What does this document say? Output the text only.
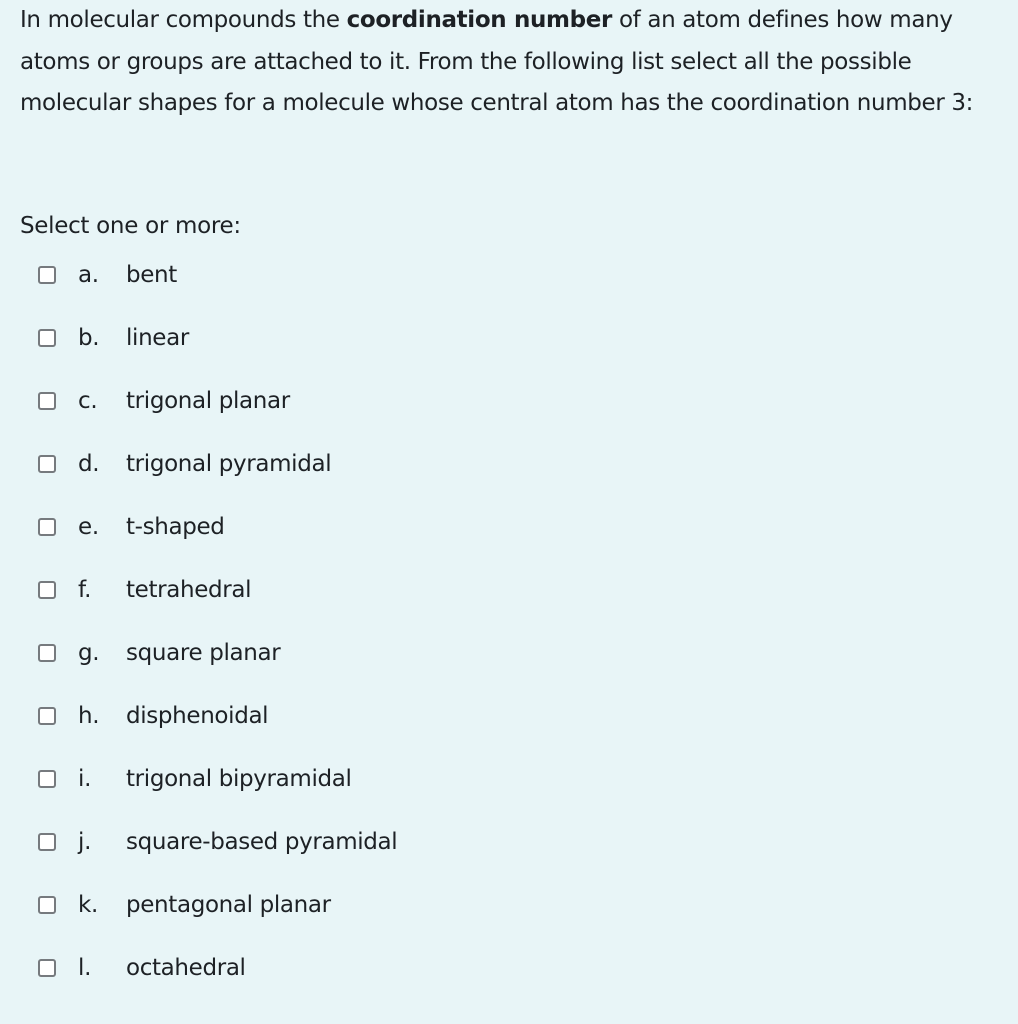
In molecular compounds the coordination number of an atom defines how many atoms or groups are attached to it. From the following list select all the possible molecular shapes for a molecule whose central atom has the coordination number 3:

Select one or more:
a. bent
b. linear
c. trigonal planar
d. trigonal pyramidal
e. t-shaped
f. tetrahedral
g. square planar
h. disphenoidal
i. trigonal bipyramidal
j. square-based pyramidal
k. pentagonal planar
l. octahedral
